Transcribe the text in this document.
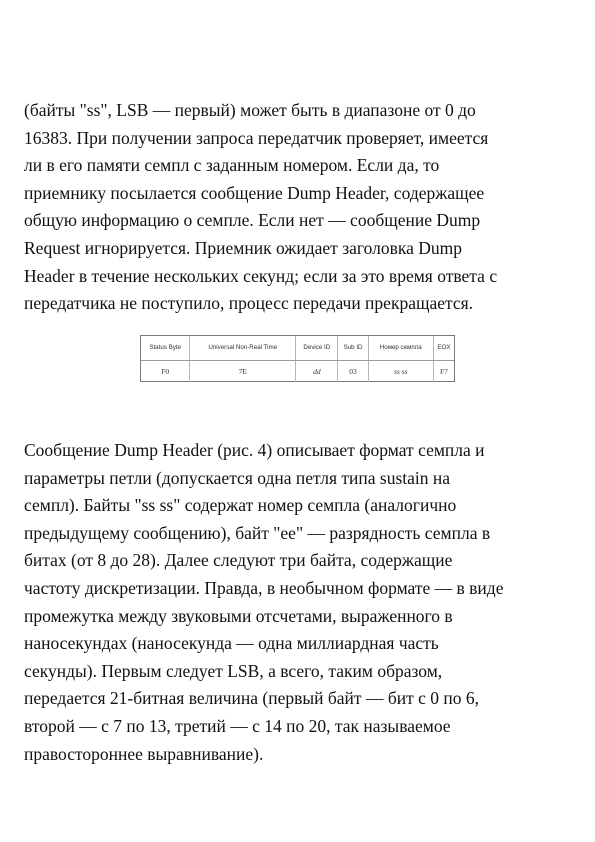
(байты "ss", LSB — первый) может быть в диапазоне от 0 до
16383. При получении запроса передатчик проверяет, имеется
ли в его памяти семпл с заданным номером. Если да, то
приемнику посылается сообщение Dump Header, содержащее
общую информацию о семпле. Если нет — сообщение Dump
Request игнорируется. Приемник ожидает заголовка Dump
Header в течение нескольких секунд; если за это время ответа с
передатчика не поступило, процесс передачи прекращается.
Status Byte	Universal Non-Real Time	Device ID	Sub ID	Номер семпла	EOX
F0	7E	dd	03	ss ss	F7
Сообщение Dump Header (рис. 4) описывает формат семпла и
параметры петли (допускается одна петля типа sustain на
семпл). Байты "ss ss" содержат номер семпла (аналогично
предыдущему сообщению), байт "ee" — разрядность семпла в
битах (от 8 до 28). Далее следуют три байта, содержащие
частоту дискретизации. Правда, в необычном формате — в виде
промежутка между звуковыми отсчетами, выраженного в
наносекундах (наносекунда — одна миллиардная часть
секунды). Первым следует LSB, а всего, таким образом,
передается 21-битная величина (первый байт — бит с 0 по 6,
второй — с 7 по 13, третий — с 14 по 20, так называемое
правостороннее выравнивание).
